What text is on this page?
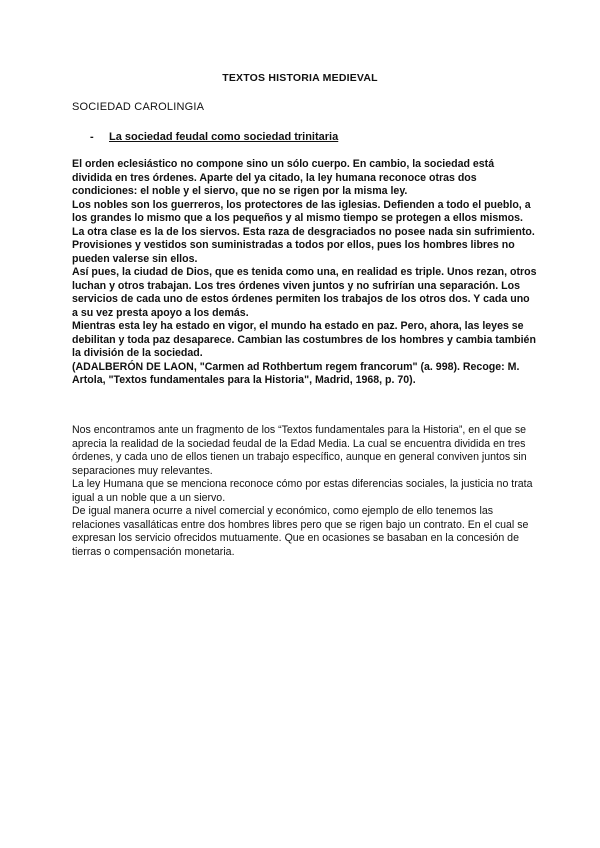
TEXTOS HISTORIA MEDIEVAL
SOCIEDAD CAROLINGIA
-	La sociedad feudal como sociedad trinitaria

El orden eclesiástico no compone sino un sólo cuerpo. En cambio, la sociedad está dividida en tres órdenes. Aparte del ya citado, la ley humana reconoce otras dos condiciones: el noble y el siervo, que no se rigen por la misma ley.

Los nobles son los guerreros, los protectores de las iglesias. Defienden a todo el pueblo, a los grandes lo mismo que a los pequeños y al mismo tiempo se protegen a ellos mismos. La otra clase es la de los siervos. Esta raza de desgraciados no posee nada sin sufrimiento. Provisiones y vestidos son suministradas a todos por ellos, pues los hombres libres no pueden valerse sin ellos.

Así pues, la ciudad de Dios, que es tenida como una, en realidad es triple. Unos rezan, otros luchan y otros trabajan. Los tres órdenes viven juntos y no sufrirían una separación. Los servicios de cada uno de estos órdenes permiten los trabajos de los otros dos. Y cada uno a su vez presta apoyo a los demás.

Mientras esta ley ha estado en vigor, el mundo ha estado en paz. Pero, ahora, las leyes se debilitan y toda paz desaparece. Cambian las costumbres de los hombres y cambia también la división de la sociedad.

(ADALBERÓN DE LAON, "Carmen ad Rothbertum regem francorum" (a. 998). Recoge: M. Artola, "Textos fundamentales para la Historia", Madrid, 1968, p. 70).

Nos encontramos ante un fragmento de los “Textos fundamentales para la Historia”, en el que se aprecia la realidad de la sociedad feudal de la Edad Media. La cual se encuentra dividida en tres órdenes, y cada uno de ellos tienen un trabajo específico, aunque en general conviven juntos sin separaciones muy relevantes.

La ley Humana que se menciona reconoce cómo por estas diferencias sociales, la justicia no trata igual a un noble que a un siervo.

De igual manera ocurre a nivel comercial y económico, como ejemplo de ello tenemos las relaciones vasalláticas entre dos hombres libres pero que se rigen bajo un contrato. En el cual se expresan los servicio ofrecidos mutuamente. Que en ocasiones se basaban en la concesión de tierras o compensación monetaria.
